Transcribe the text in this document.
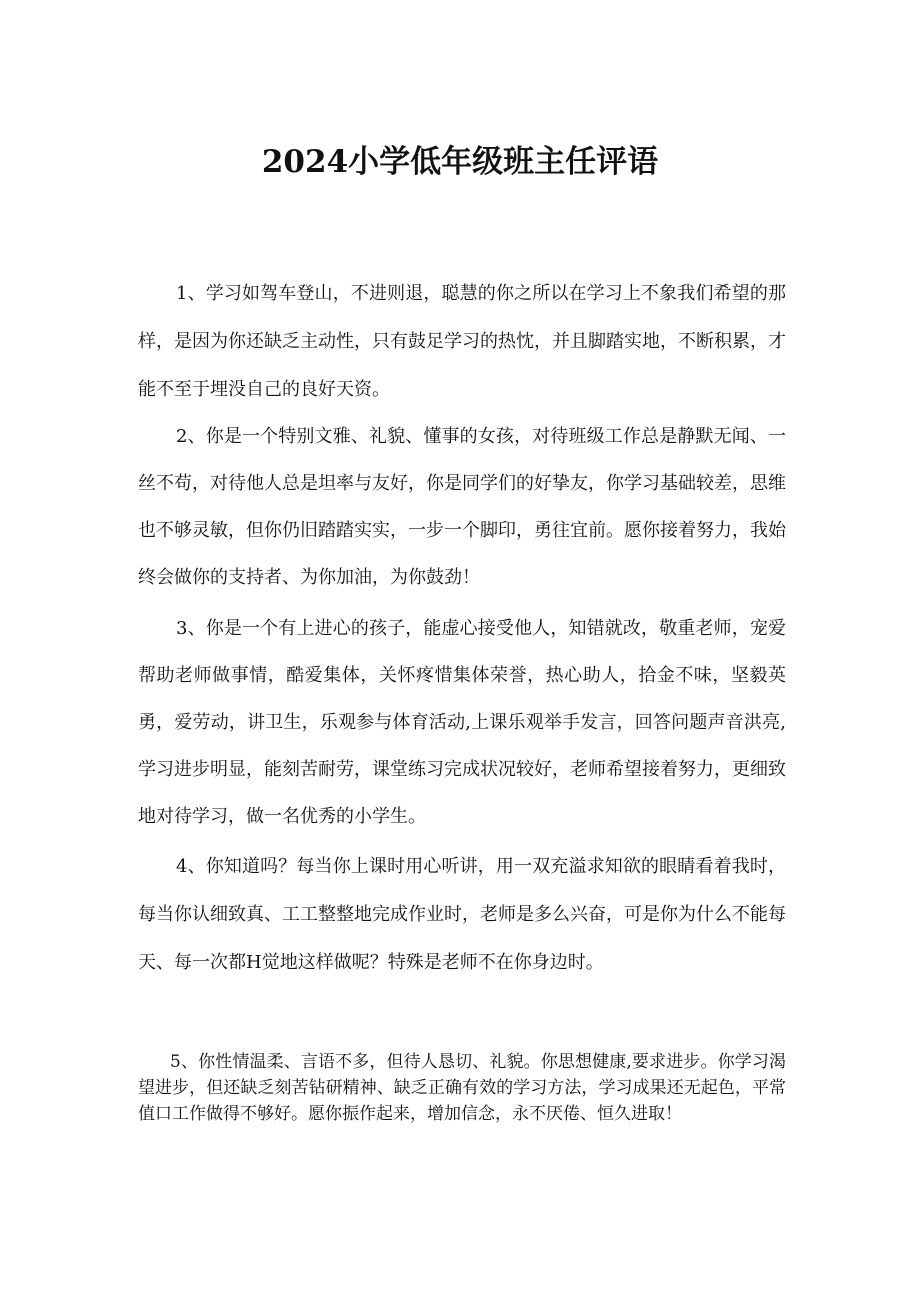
2024小学低年级班主任评语
1、学习如驾车登山，不进则退，聪慧的你之所以在学习上不象我们希望的那样，是因为你还缺乏主动性，只有鼓足学习的热忱，并且脚踏实地，不断积累，才能不至于埋没自己的良好天资。
2、你是一个特别文雅、礼貌、懂事的女孩，对待班级工作总是静默无闻、一丝不苟，对待他人总是坦率与友好，你是同学们的好挚友，你学习基础较差，思维也不够灵敏，但你仍旧踏踏实实，一步一个脚印，勇往宜前。愿你接着努力，我始终会做你的支持者、为你加油，为你鼓劲！
3、你是一个有上进心的孩子，能虚心接受他人，知错就改，敬重老师，宠爱帮助老师做事情，酷爱集体，关怀疼惜集体荣誉，热心助人，拾金不味，坚毅英勇，爱劳动，讲卫生，乐观参与体育活动,上课乐观举手发言，回答问题声音洪亮,学习进步明显，能刻苦耐劳，课堂练习完成状况较好，老师希望接着努力，更细致地对待学习，做一名优秀的小学生。
4、你知道吗？每当你上课时用心听讲，用一双充溢求知欲的眼睛看着我时，每当你认细致真、工工整整地完成作业时，老师是多么兴奋，可是你为什么不能每天、每一次都H觉地这样做呢？特殊是老师不在你身边时。
5、你性情温柔、言语不多，但待人恳切、礼貌。你思想健康,要求进步。你学习渴望进步，但还缺乏刻苦钻研精神、缺乏正确有效的学习方法，学习成果还无起色，平常值口工作做得不够好。愿你振作起来，增加信念，永不厌倦、恒久进取！
